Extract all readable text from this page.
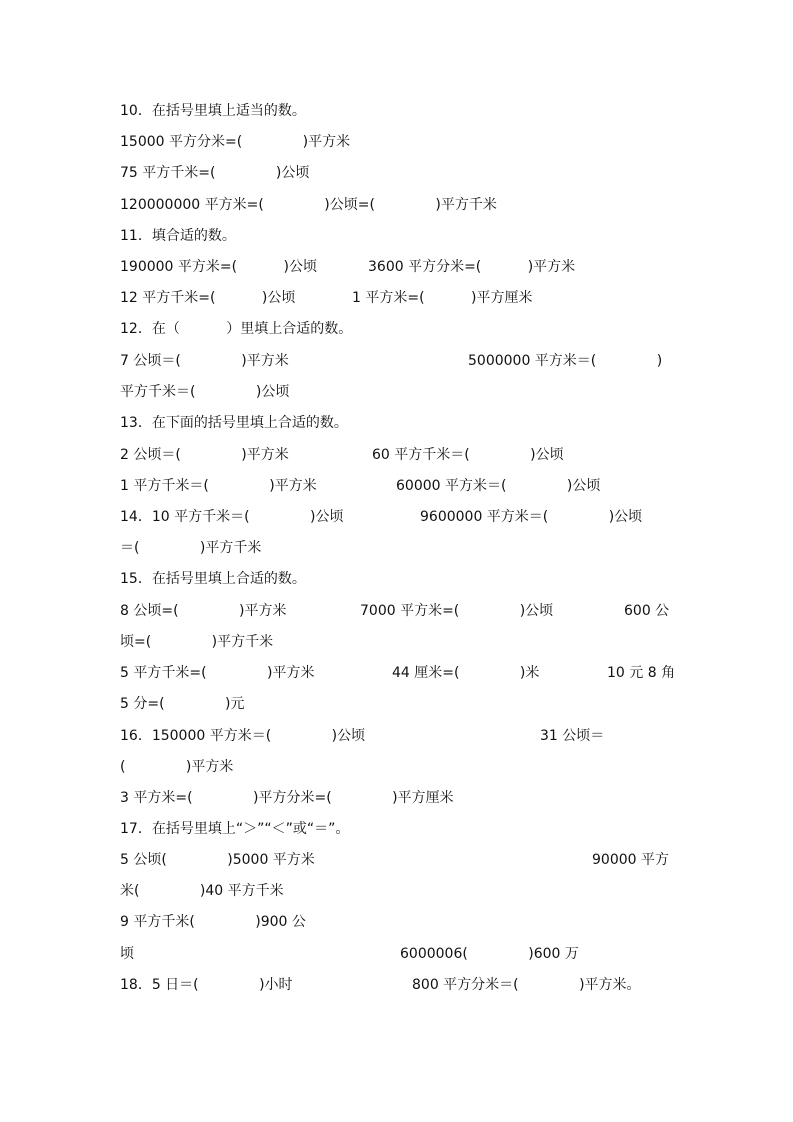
10．在括号里填上适当的数。
15000 平方分米=(　　　　 )平方米
75 平方千米=(　　　　 )公顷
120000000 平方米=(　　　　 )公顷=(　　　　 )平方千米
11．填合适的数。
190000 平方米=(　　　 )公顷	3600 平方分米=(　　　 )平方米
12 平方千米=(　　　 )公顷	1 平方米=(　　　 )平方厘米
12．在（　　　 ）里填上合适的数。
7 公顷＝(　　　　 )平方米	5000000 平方米＝(　　　　 )
平方千米＝(　　　　 )公顷
13．在下面的括号里填上合适的数。
2 公顷＝(　　　　 )平方米	60 平方千米＝(　　　　 )公顷
1 平方千米＝(　　　　 )平方米	60000 平方米＝(　　　　 )公顷
14．10 平方千米＝(　　　　 )公顷	9600000 平方米＝(　　　　 )公顷
＝(　　　　 )平方千米
15．在括号里填上合适的数。
8 公顷=(　　　　 )平方米	7000 平方米=(　　　　 )公顷	600 公
顷=(　　　　 )平方千米
5 平方千米=(　　　　 )平方米	44 厘米=(　　　　 )米	10 元 8 角
5 分=(　　　　 )元
16．150000 平方米＝(　　　　 )公顷	31 公顷＝
(　　　　 )平方米
3 平方米=(　　　　 )平方分米=(　　　　 )平方厘米
17．在括号里填上“＞”“＜”或“＝”。
5 公顷(　　　　 )5000 平方米	90000 平方
米(　　　　 )40 平方千米
9 平方千米(　　　　 )900 公
顷	6000006(　　　　 )600 万
18．5 日＝(　　　　 )小时	800 平方分米＝(　　　　 )平方米。
